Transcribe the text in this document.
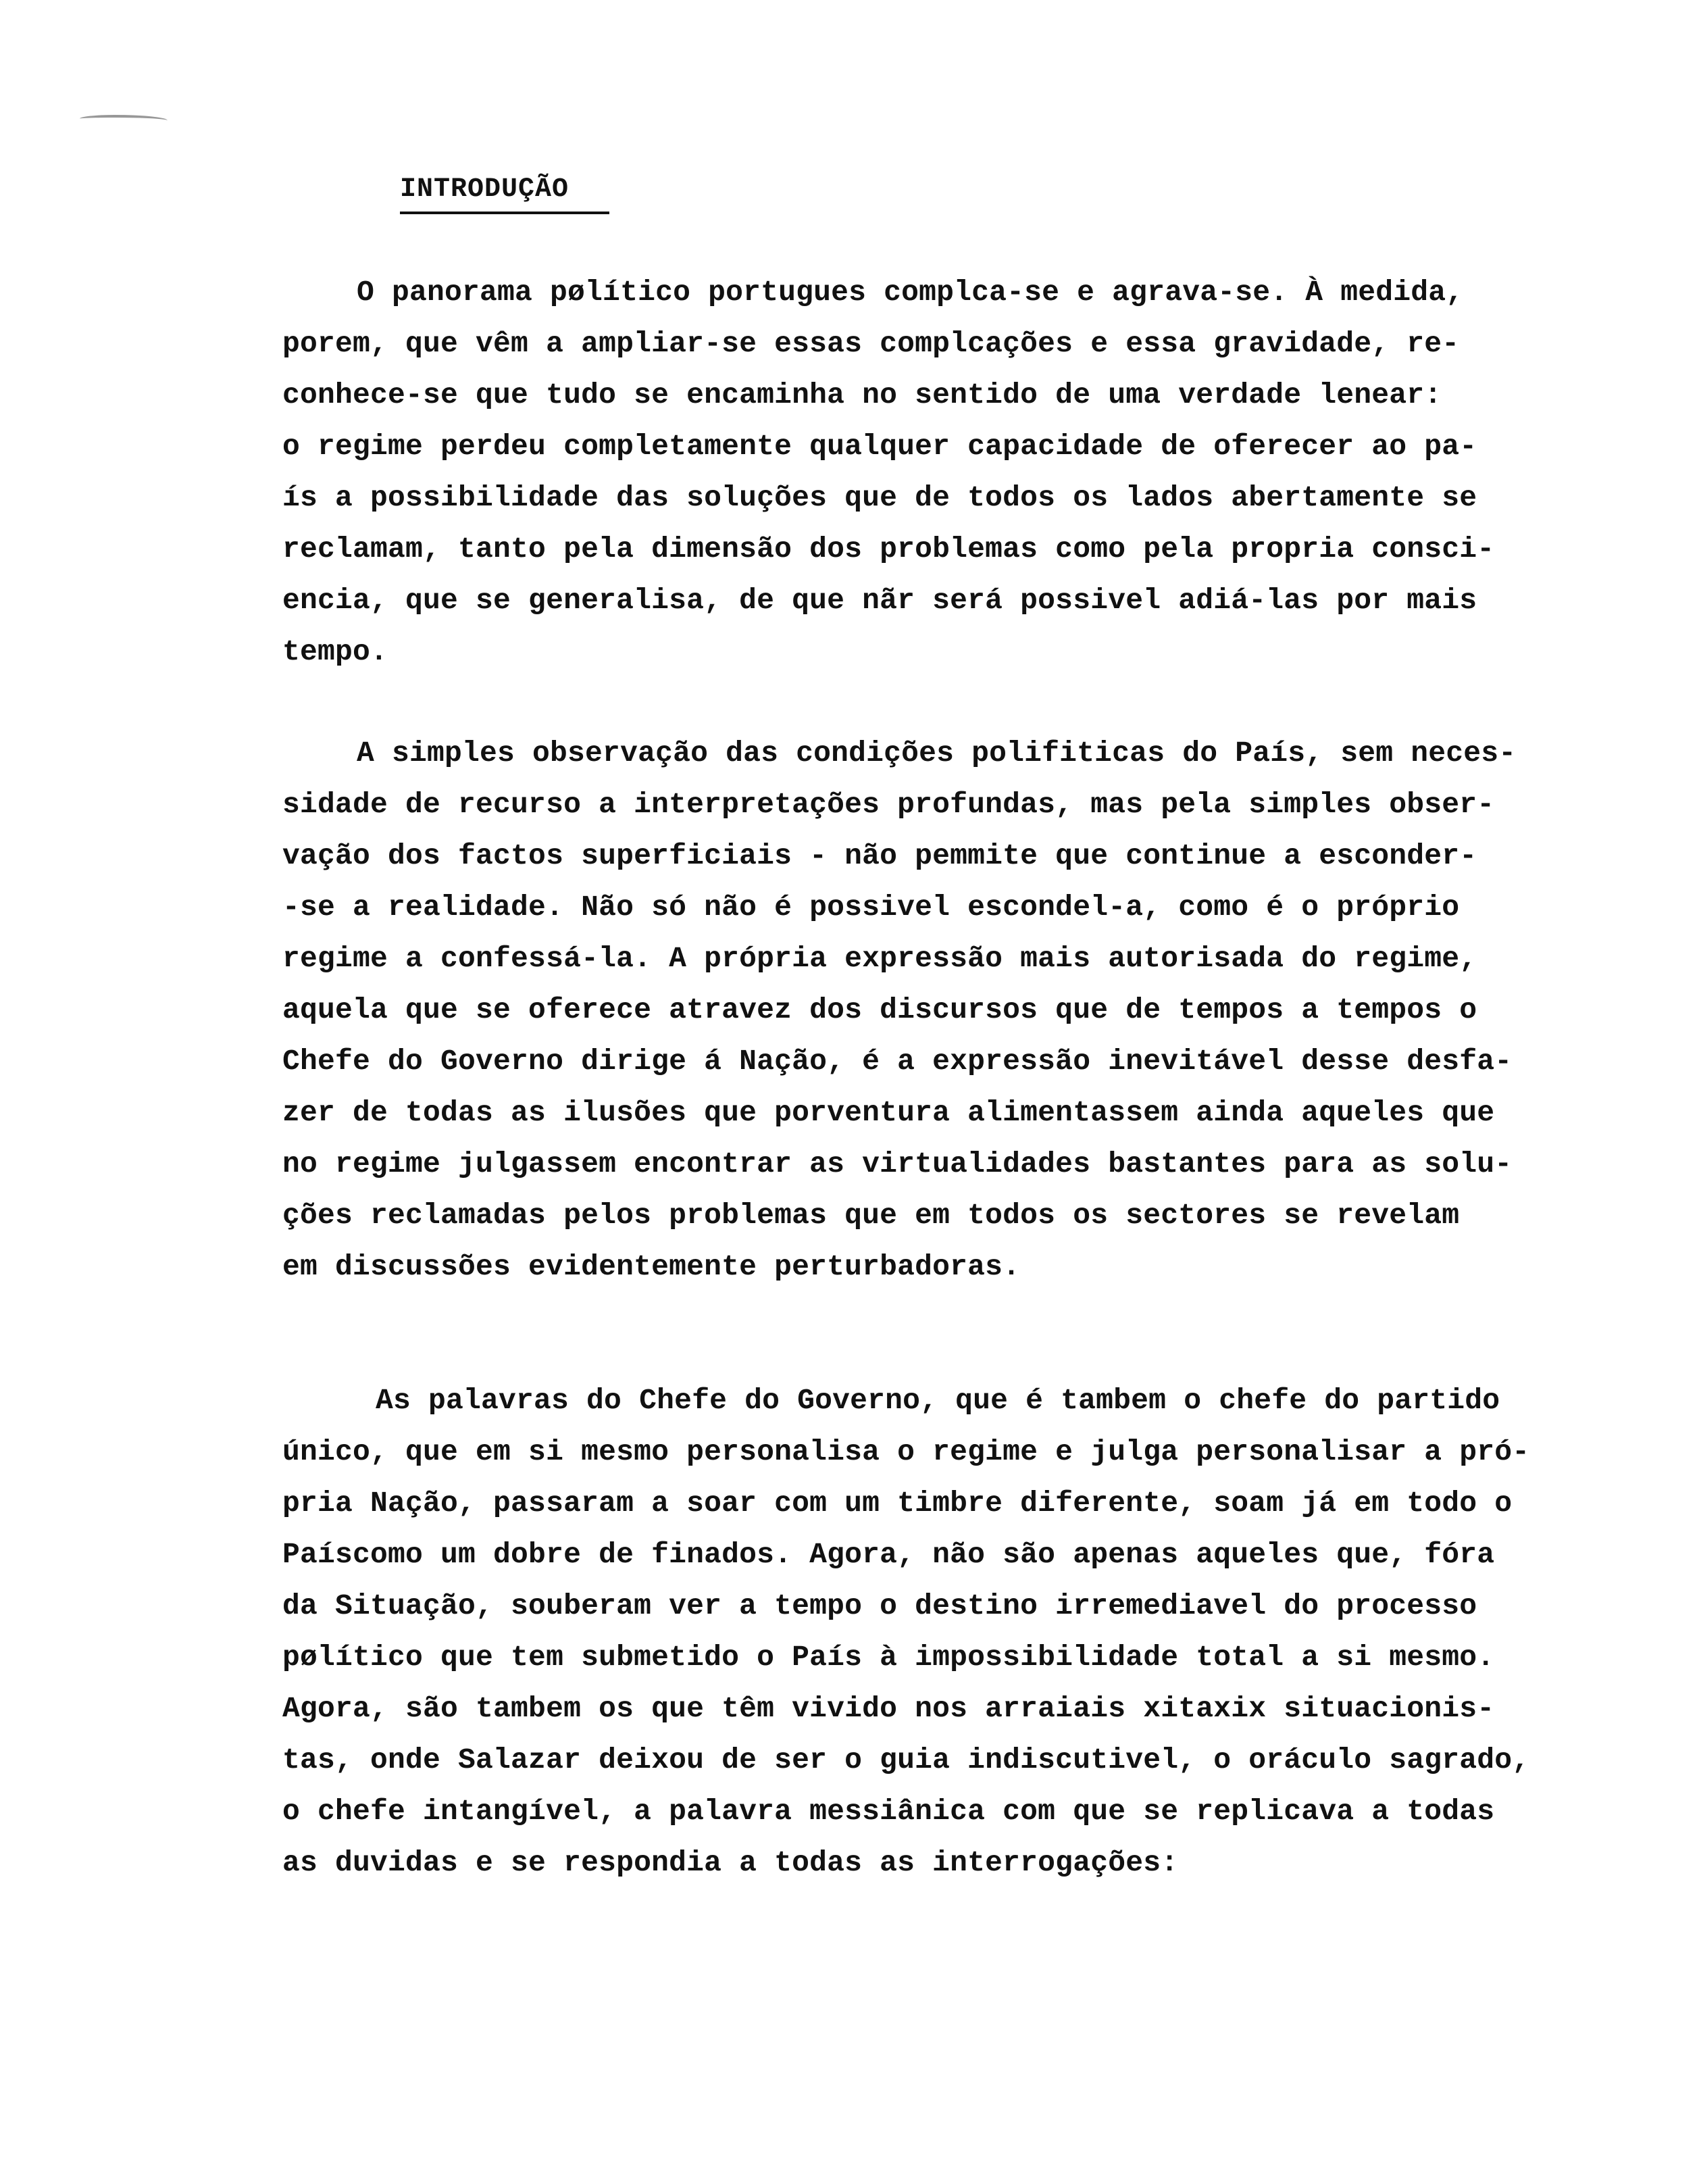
INTRODUÇÃO
O panorama pølítico portugues complca-se e agrava-se. À medida,
porem, que vêm a ampliar-se essas complcações e essa gravidade, re-
conhece-se que tudo se encaminha no sentido de uma verdade lenear:
o regime perdeu completamente qualquer capacidade de oferecer ao pa-
ís a possibilidade das soluções que de todos os lados abertamente se
reclamam, tanto pela dimensão dos problemas como pela propria consci-
encia, que se generalisa, de que nãr será possivel adiá-las por mais
tempo.
A simples observação das condições polifiticas do País, sem neces-
sidade de recurso a interpretações profundas, mas pela simples obser-
vação dos factos superficiais - não pemmite que continue a esconder-
-se a realidade. Não só não é possivel escondel-a, como é o próprio
regime a confessá-la. A própria expressão mais autorisada do regime,
aquela que se oferece atravez dos discursos que de tempos a tempos o
Chefe do Governo dirige á Nação, é a expressão inevitável desse desfa-
zer de todas as ilusões que porventura alimentassem ainda aqueles que
no regime julgassem encontrar as virtualidades bastantes para as solu-
ções reclamadas pelos problemas que em todos os sectores se revelam
em discussões evidentemente perturbadoras.
As palavras do Chefe do Governo, que é tambem o chefe do partido
único, que em si mesmo personalisa o regime e julga personalisar a pró-
pria Nação, passaram a soar com um timbre diferente, soam já em todo o
Paíscomo um dobre de finados. Agora, não são apenas aqueles que, fóra
da Situação, souberam ver a tempo o destino irremediavel do processo
pølítico que tem submetido o País à impossibilidade total a si mesmo.
Agora, são tambem os que têm vivido nos arraiais xitaxix situacionis-
tas, onde Salazar deixou de ser o guia indiscutivel, o oráculo sagrado,
o chefe intangível, a palavra messiânica com que se replicava a todas
as duvidas e se respondia a todas as interrogações:
